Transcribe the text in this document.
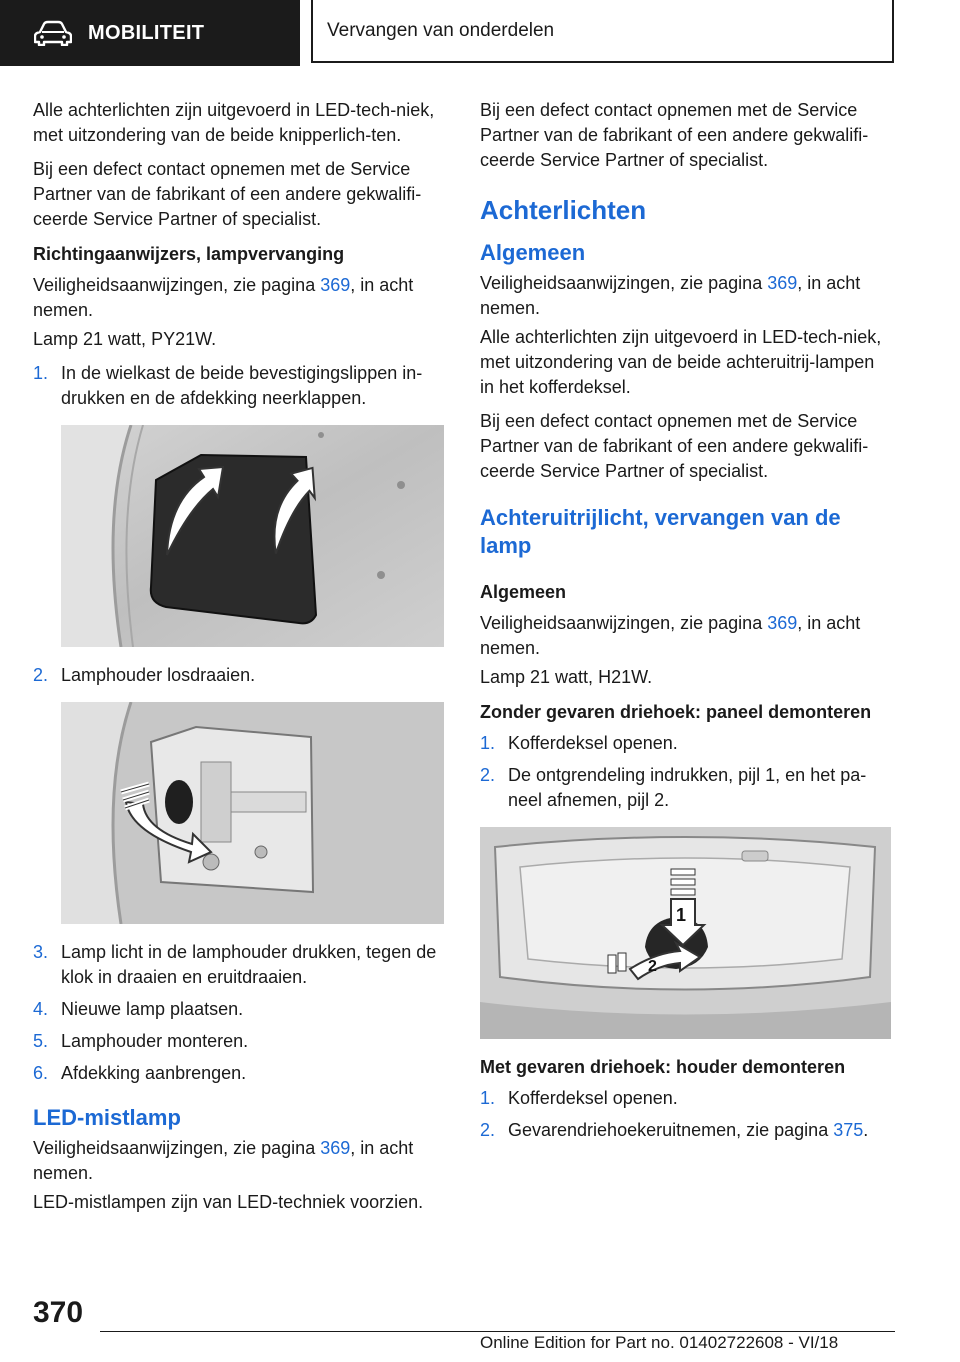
MOBILITEIT	Vervangen van onderdelen

Alle achterlichten zijn uitgevoerd in LED-tech-niek, met uitzondering van de beide knipperlich-ten.

Bij een defect contact opnemen met de Service Partner van de fabrikant of een andere gekwalifi-ceerde Service Partner of specialist.

Richtingaanwijzers, lampvervanging

Veiligheidsaanwijzingen, zie pagina 369, in acht nemen.

Lamp 21 watt, PY21W.

1. In de wielkast de beide bevestigingslippen in-drukken en de afdekking neerklappen.
2. Lamphouder losdraaien.
3. Lamp licht in de lamphouder drukken, tegen de klok in draaien en eruitdraaien.
4. Nieuwe lamp plaatsen.
5. Lamphouder monteren.
6. Afdekking aanbrengen.
LED-mistlamp

Veiligheidsaanwijzingen, zie pagina 369, in acht nemen.

LED-mistlampen zijn van LED-techniek voorzien.

Bij een defect contact opnemen met de Service Partner van de fabrikant of een andere gekwalifi-ceerde Service Partner of specialist.

Achterlichten
Algemeen

Veiligheidsaanwijzingen, zie pagina 369, in acht nemen.

Alle achterlichten zijn uitgevoerd in LED-tech-niek, met uitzondering van de beide achteruitrij-lampen in het kofferdeksel.

Bij een defect contact opnemen met de Service Partner van de fabrikant of een andere gekwalifi-ceerde Service Partner of specialist.

Achteruitrijlicht, vervangen van de lamp
Algemeen

Veiligheidsaanwijzingen, zie pagina 369, in acht nemen.

Lamp 21 watt, H21W.

Zonder gevaren driehoek: paneel demonteren
1. Kofferdeksel openen.
2. De ontgrendeling indrukken, pijl 1, en het pa-neel afnemen, pijl 2.
1
2
Met gevaren driehoek: houder demonteren
1. Kofferdeksel openen.
2. Gevarendriehoekeruitnemen, zie pagina 375.
370
Online Edition for Part no. 01402722608 - VI/18
